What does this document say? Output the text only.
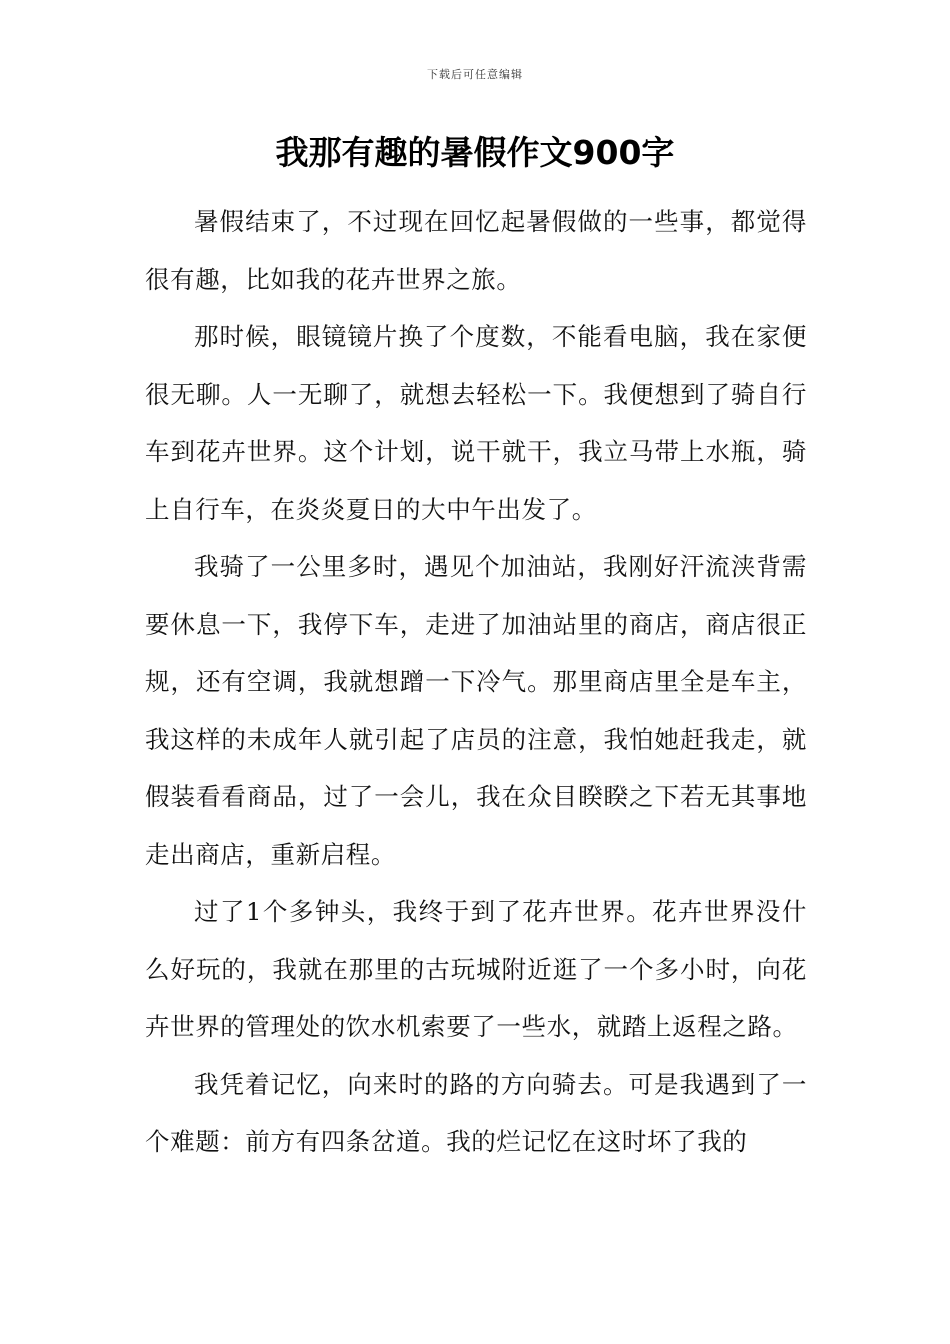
下载后可任意编辑
我那有趣的暑假作文900字

暑假结束了，不过现在回忆起暑假做的一些事，都觉得很有趣，比如我的花卉世界之旅。

那时候，眼镜镜片换了个度数，不能看电脑，我在家便很无聊。人一无聊了，就想去轻松一下。我便想到了骑自行车到花卉世界。这个计划，说干就干，我立马带上水瓶，骑上自行车，在炎炎夏日的大中午出发了。

我骑了一公里多时，遇见个加油站，我刚好汗流浃背需要休息一下，我停下车，走进了加油站里的商店，商店很正规，还有空调，我就想蹭一下冷气。那里商店里全是车主，我这样的未成年人就引起了店员的注意，我怕她赶我走，就假装看看商品，过了一会儿，我在众目睽睽之下若无其事地走出商店，重新启程。

过了1个多钟头，我终于到了花卉世界。花卉世界没什么好玩的，我就在那里的古玩城附近逛了一个多小时，向花卉世界的管理处的饮水机索要了一些水，就踏上返程之路。

我凭着记忆，向来时的路的方向骑去。可是我遇到了一个难题：前方有四条岔道。我的烂记忆在这时坏了我的
